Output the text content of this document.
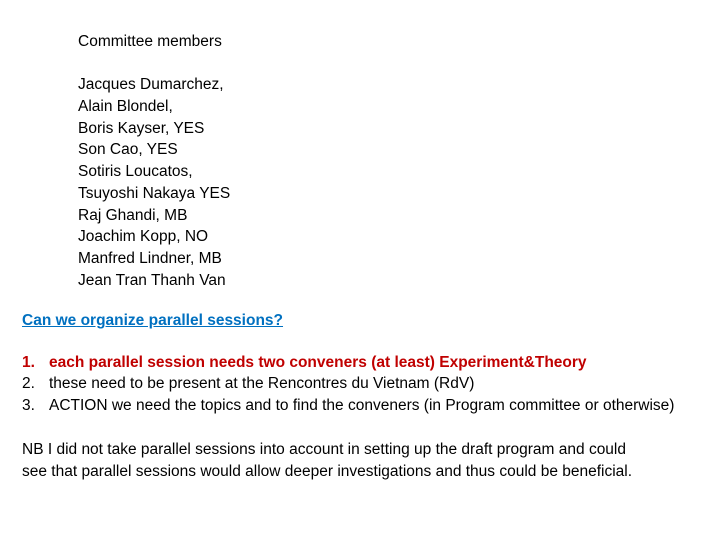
Committee members
Jacques Dumarchez,
Alain Blondel,
Boris Kayser, YES
Son Cao, YES
Sotiris Loucatos,
Tsuyoshi Nakaya YES
Raj Ghandi, MB
Joachim Kopp, NO
Manfred Lindner, MB
Jean Tran Thanh Van
Can we organize parallel sessions?
1. each parallel session needs two conveners (at least) Experiment&Theory
2. these need to be present at the Rencontres du Vietnam (RdV)
3. ACTION we need the topics and to find the conveners (in Program committee or otherwise)
NB I did not take parallel sessions into account in setting up the draft program and could
see that parallel sessions would allow deeper investigations and thus could be beneficial.
